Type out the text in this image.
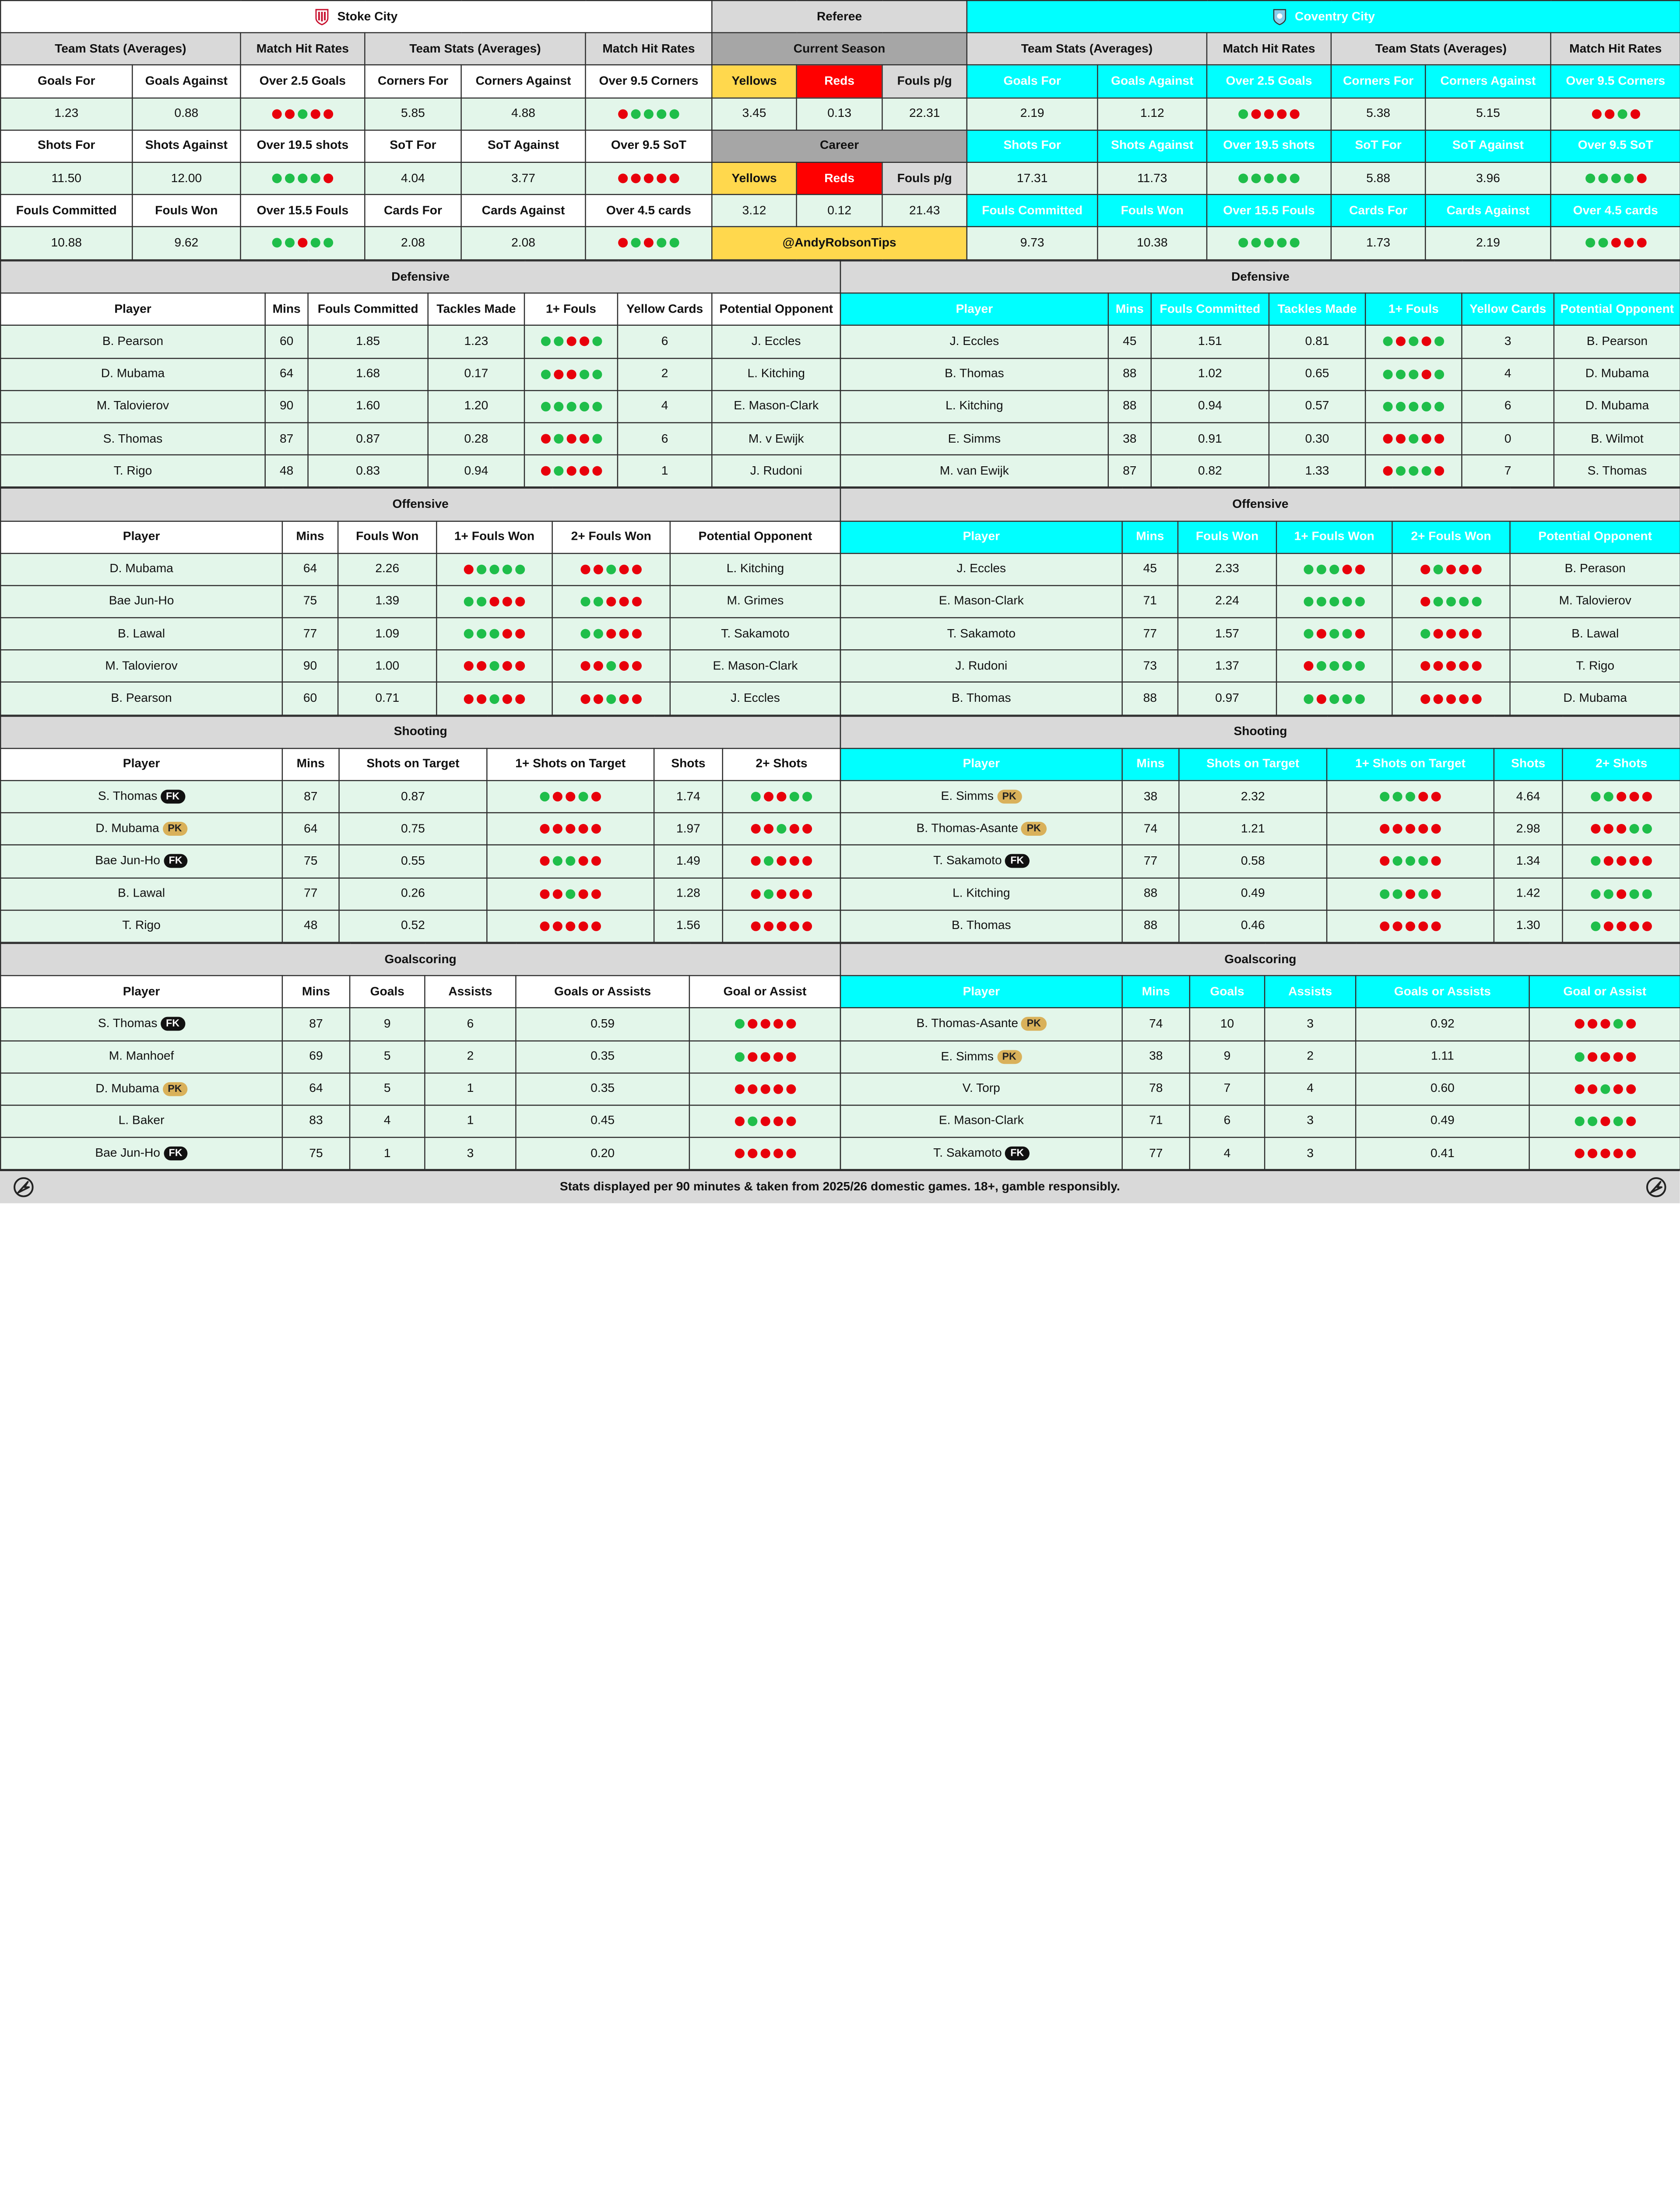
Stoke City						Referee			Coventry City					
Team Stats (Averages)		Match Hit Rates	Team Stats (Averages)		Match Hit Rates	Current Season			Team Stats (Averages)		Match Hit Rates	Team Stats (Averages)		Match Hit Rates
Goals For	Goals Against	Over 2.5 Goals	Corners For	Corners Against	Over 9.5 Corners	Yellows	Reds	Fouls p/g	Goals For	Goals Against	Over 2.5 Goals	Corners For	Corners Against	Over 9.5 Corners
1.23	0.88		5.85	4.88		3.45	0.13	22.31	2.19	1.12		5.38	5.15	
Shots For	Shots Against	Over 19.5 shots	SoT For	SoT Against	Over 9.5 SoT	Career			Shots For	Shots Against	Over 19.5 shots	SoT For	SoT Against	Over 9.5 SoT
11.50	12.00		4.04	3.77		Yellows	Reds	Fouls p/g	17.31	11.73		5.88	3.96	
Fouls Committed	Fouls Won	Over 15.5 Fouls	Cards For	Cards Against	Over 4.5 cards	3.12	0.12	21.43	Fouls Committed	Fouls Won	Over 15.5 Fouls	Cards For	Cards Against	Over 4.5 cards
10.88	9.62		2.08	2.08		@AndyRobsonTips			9.73	10.38		1.73	2.19	
Defensive						
Player	Mins	Fouls Committed	Tackles Made	1+ Fouls	Yellow Cards	Potential Opponent
B. Pearson	60	1.85	1.23		6	J. Eccles
D. Mubama	64	1.68	0.17		2	L. Kitching
M. Talovierov	90	1.60	1.20		4	E. Mason-Clark
S. Thomas	87	0.87	0.28		6	M. v Ewijk
T. Rigo	48	0.83	0.94		1	J. Rudoni
Offensive					
Player	Mins	Fouls Won	1+ Fouls Won	2+ Fouls Won	Potential Opponent
D. Mubama	64	2.26			L. Kitching
Bae Jun-Ho	75	1.39			M. Grimes
B. Lawal	77	1.09			T. Sakamoto
M. Talovierov	90	1.00			E. Mason-Clark
B. Pearson	60	0.71			J. Eccles
Shooting					
Player	Mins	Shots on Target	1+ Shots on Target	Shots	2+ Shots
S. Thomas FK	87	0.87		1.74	
D. Mubama PK	64	0.75		1.97	
Bae Jun-Ho FK	75	0.55		1.49	
B. Lawal	77	0.26		1.28	
T. Rigo	48	0.52		1.56	
Goalscoring					
Player	Mins	Goals	Assists	Goals or Assists	Goal or Assist
S. Thomas FK	87	9	6	0.59	
M. Manhoef	69	5	2	0.35	
D. Mubama PK	64	5	1	0.35	
L. Baker	83	4	1	0.45	
Bae Jun-Ho FK	75	1	3	0.20	
Defensive						
Player	Mins	Fouls Committed	Tackles Made	1+ Fouls	Yellow Cards	Potential Opponent
J. Eccles	45	1.51	0.81		3	B. Pearson
B. Thomas	88	1.02	0.65		4	D. Mubama
L. Kitching	88	0.94	0.57		6	D. Mubama
E. Simms	38	0.91	0.30		0	B. Wilmot
M. van Ewijk	87	0.82	1.33		7	S. Thomas
Offensive					
Player	Mins	Fouls Won	1+ Fouls Won	2+ Fouls Won	Potential Opponent
J. Eccles	45	2.33			B. Perason
E. Mason-Clark	71	2.24			M. Talovierov
T. Sakamoto	77	1.57			B. Lawal
J. Rudoni	73	1.37			T. Rigo
B. Thomas	88	0.97			D. Mubama
Shooting					
Player	Mins	Shots on Target	1+ Shots on Target	Shots	2+ Shots
E. Simms PK	38	2.32		4.64	
B. Thomas-Asante PK	74	1.21		2.98	
T. Sakamoto FK	77	0.58		1.34	
L. Kitching	88	0.49		1.42	
B. Thomas	88	0.46		1.30	
Goalscoring					
Player	Mins	Goals	Assists	Goals or Assists	Goal or Assist
B. Thomas-Asante PK	74	10	3	0.92	
E. Simms PK	38	9	2	1.11	
V. Torp	78	7	4	0.60	
E. Mason-Clark	71	6	3	0.49	
T. Sakamoto FK	77	4	3	0.41	
Stats displayed per 90 minutes & taken from 2025/26 domestic games. 18+, gamble responsibly.
